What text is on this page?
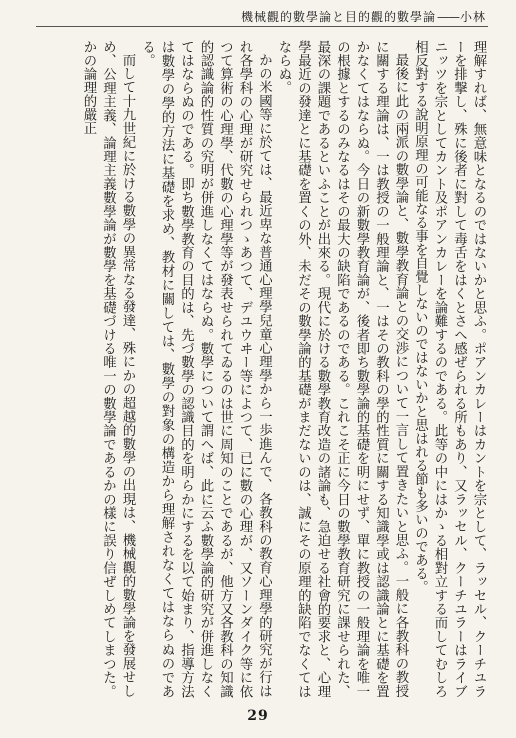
機械觀的數學論と目的觀的數學論——小林

理解すれば、無意味となるのではないかと思ふ。ポアンカレーはカントを宗として、ラッセル、クーチユラーを排撃し、殊に後者に對して毒舌をはくとさへ感ぜられる所もあり、又ラッセル、クーチユラーはライブニッツを宗としてカント及ポアンカレーを論難するのである。此等の中にはかゝる相對立する而してむしろ相反對する說明原理の可能なる事を自覺しないのではないかと思はれる節も多いのである。

最後に此の兩派の數學論と、數學教育論との交渉について一言して置きたいと思ふ。一般に各教科の教授に關する理論は、一は教授の一般理論と、一はその教科の學的性質に關する知識學或は認識論とに基礎を置かなくてはならぬ。今日の新數學教育論が、後者即ち數學論的基礎を明にせず、單に教授の一般理論を唯一の根據とするのみなるはその最大の缺陷であるのである。これこそ正に今日の數學教育研究に課せられた、最深の課題であるといふことが出來る。現代に於ける數學教育改造の諸論も、急迫せる社會的要求と、心理學最近の發達とに基礎を置くの外、未だその數學論的基礎がまだないのは、誠にその原理的缺陷でなくてはならぬ。

かの米國等に於ては、最近卑な普通心理學兒童心理學から一歩進んで、各教科の教育心理學的研究が行はれ各學科の心理が研究せられつゝあつて、デユウヰー等によつて、已に數の心理が、又ソーンダイク等に依つて算術の心理學、代數の心理學等が發表せられてゐるのは世に周知のことであるが、他方又各教科の知識的認識論的性質の究明が併進しなくてはならぬ。數學について謂へば、此に云ふ數學論的研究が併進しなくてはならぬのである。即ち數學教育の目的は、先づ數學の認識目的を明らかにするを以て始まり、指導方法は數學の學的方法に基礎を求め、教材に關しては、數學の對象の構造から理解されなくてはならぬのである。

而して十九世紀に於ける數學の異常なる發達、殊にかの超越的數學の出現は、機械觀的數學論を發展せしめ、公理主義、論理主義數學論が數學を基礎づける唯一の數學論であるかの樣に誤り信ぜしめてしまつた。かの論理的嚴正

29
